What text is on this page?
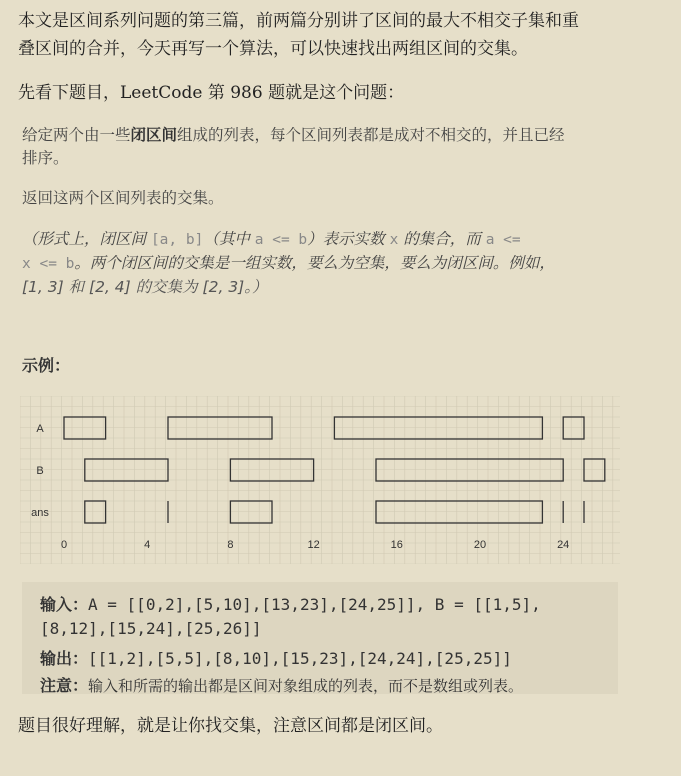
本文是区间系列问题的第三篇，前两篇分别讲了区间的最大不相交子集和重
叠区间的合并，今天再写一个算法，可以快速找出两组区间的交集。
先看下题目，LeetCode 第 986 题就是这个问题：
给定两个由一些闭区间组成的列表，每个区间列表都是成对不相交的，并且已经
排序。
返回这两个区间列表的交集。
（形式上，闭区间 [a, b]（其中 a <= b）表示实数 x 的集合，而 a <=
x <= b。两个闭区间的交集是一组实数，要么为空集，要么为闭区间。例如，
[1, 3] 和 [2, 4] 的交集为 [2, 3]。）
示例：
A
B
ans
0	4	8	12	16	20	24
输入：A = [[0,2],[5,10],[13,23],[24,25]], B = [[1,5],
[8,12],[15,24],[25,26]]
输出：[[1,2],[5,5],[8,10],[15,23],[24,24],[25,25]]
注意：输入和所需的输出都是区间对象组成的列表，而不是数组或列表。
题目很好理解，就是让你找交集，注意区间都是闭区间。
